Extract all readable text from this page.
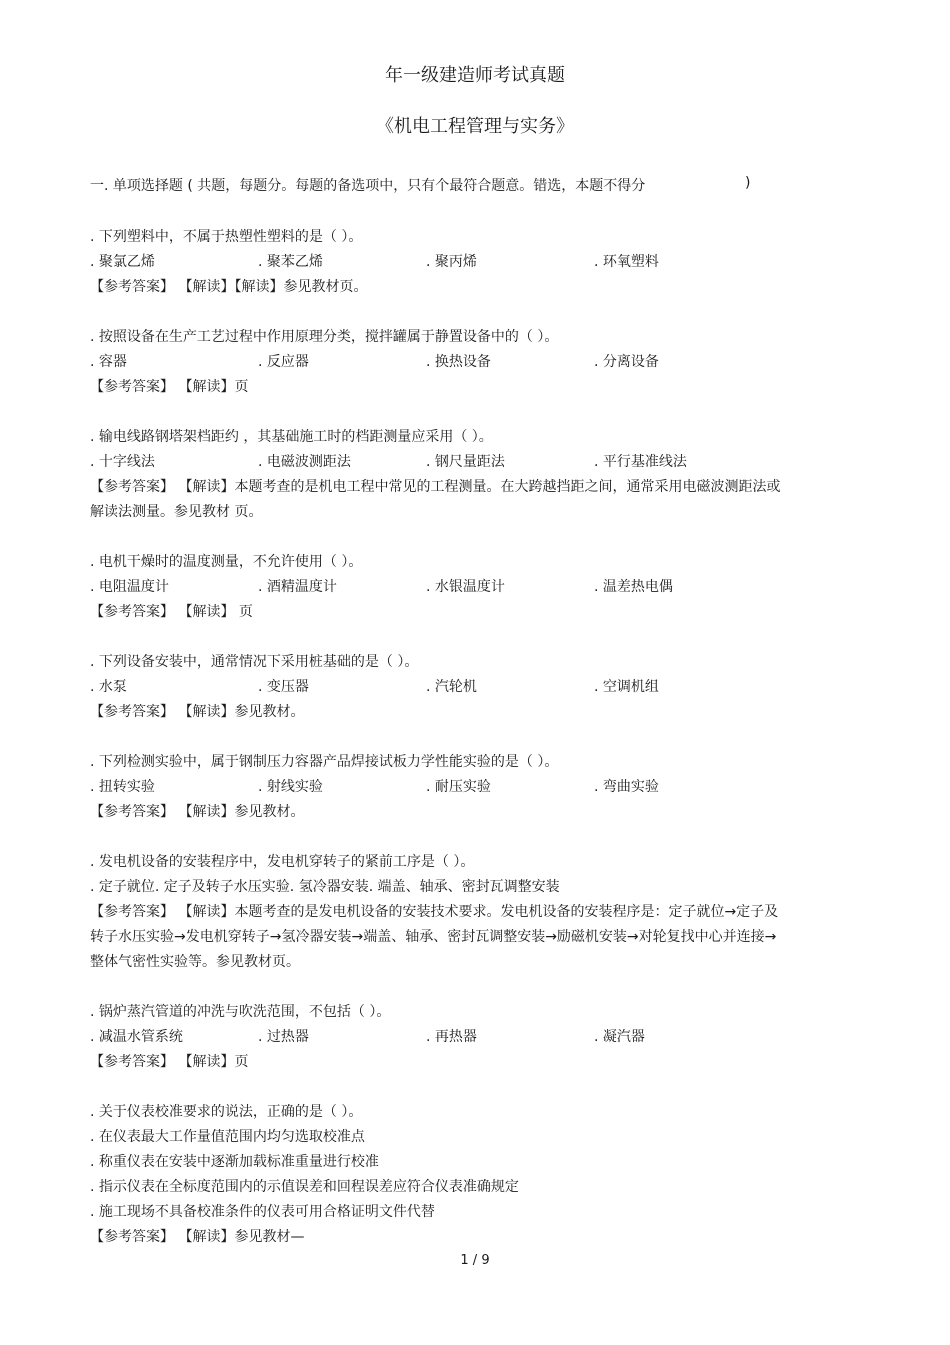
年一级建造师考试真题
《机电工程管理与实务》
一. 单项选择题 ( 共题，每题分。每题的备选项中，只有个最符合题意。错选，本题不得分	)
. 下列塑料中，不属于热塑性塑料的是（ ）。
. 聚氯乙烯	. 聚苯乙烯	. 聚丙烯	. 环氧塑料
【参考答案】 【解读】【解读】参见教材页。
. 按照设备在生产工艺过程中作用原理分类，搅拌罐属于静置设备中的（ ）。
. 容器	. 反应器	. 换热设备	. 分离设备
【参考答案】 【解读】页
. 输电线路钢塔架档距约 ，其基础施工时的档距测量应采用（ ）。
. 十字线法	. 电磁波测距法	. 钢尺量距法	. 平行基准线法
【参考答案】 【解读】本题考查的是机电工程中常见的工程测量。在大跨越挡距之间，通常采用电磁波测距法或解读法测量。参见教材 页。
. 电机干燥时的温度测量，不允许使用（ ）。
. 电阻温度计	. 酒精温度计	. 水银温度计	. 温差热电偶
【参考答案】 【解读】 页
. 下列设备安装中，通常情况下采用桩基础的是（ ）。
. 水泵	. 变压器	. 汽轮机	. 空调机组
【参考答案】 【解读】参见教材。
. 下列检测实验中，属于钢制压力容器产品焊接试板力学性能实验的是（ ）。
. 扭转实验	. 射线实验	. 耐压实验	. 弯曲实验
【参考答案】 【解读】参见教材。
. 发电机设备的安装程序中，发电机穿转子的紧前工序是（ ）。
. 定子就位. 定子及转子水压实验. 氢冷器安装. 端盖、轴承、密封瓦调整安装
【参考答案】 【解读】本题考查的是发电机设备的安装技术要求。发电机设备的安装程序是：定子就位→定子及转子水压实验→发电机穿转子→氢冷器安装→端盖、轴承、密封瓦调整安装→励磁机安装→对轮复找中心并连接→整体气密性实验等。参见教材页。
. 锅炉蒸汽管道的冲洗与吹洗范围，不包括（ ）。
. 减温水管系统	. 过热器	. 再热器	. 凝汽器
【参考答案】 【解读】页
. 关于仪表校准要求的说法，正确的是（ ）。
. 在仪表最大工作量值范围内均匀选取校准点
. 称重仪表在安装中逐渐加载标准重量进行校准
. 指示仪表在全标度范围内的示值误差和回程误差应符合仪表准确规定
. 施工现场不具备校准条件的仪表可用合格证明文件代替
【参考答案】 【解读】参见教材—
1 / 9
